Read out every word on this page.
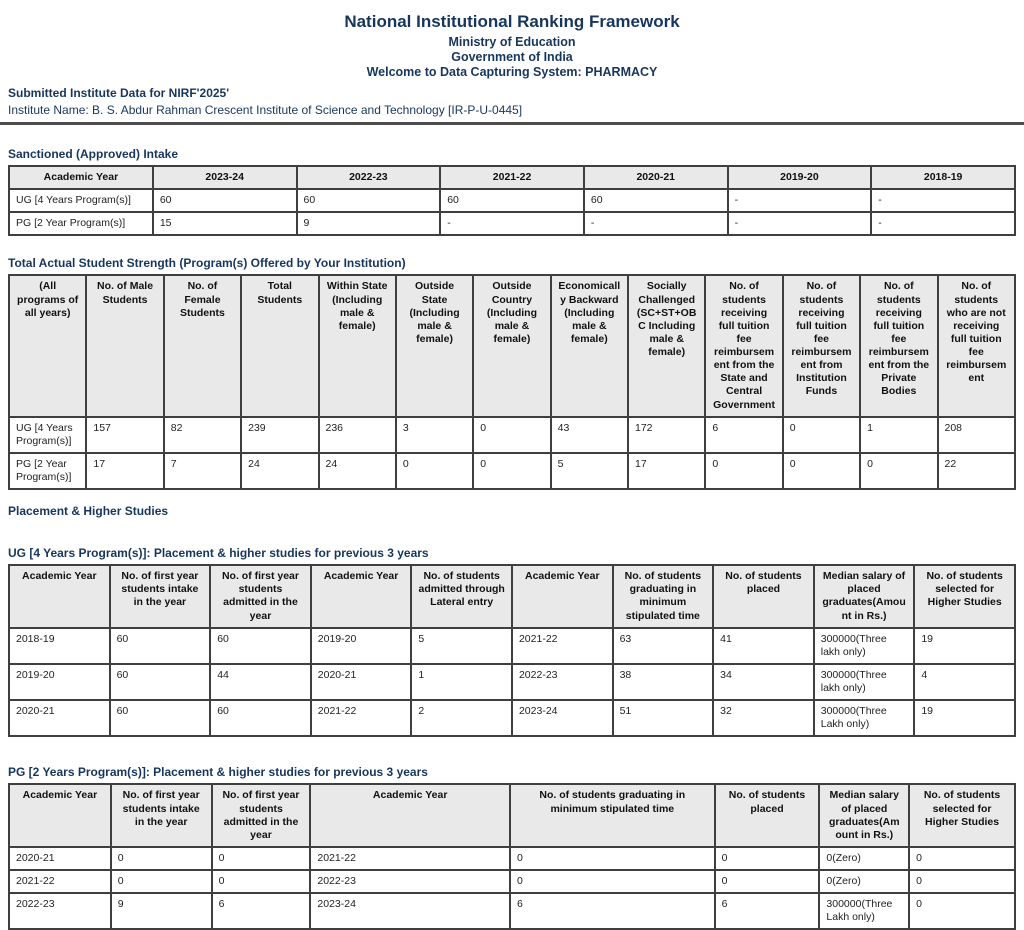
National Institutional Ranking Framework
Ministry of Education
Government of India
Welcome to Data Capturing System: PHARMACY
Submitted Institute Data for NIRF'2025'
Institute Name: B. S. Abdur Rahman Crescent Institute of Science and Technology [IR-P-U-0445]
Sanctioned (Approved) Intake
Academic Year	2023-24	2022-23	2021-22	2020-21	2019-20	2018-19
UG [4 Years Program(s)]	60	60	60	60	-	-
PG [2 Year Program(s)]	15	9	-	-	-	-
Total Actual Student Strength (Program(s) Offered by Your Institution)
(All programs of all years)	No. of Male Students	No. of Female Students	Total Students	Within State (Including male & female)	Outside State (Including male & female)	Outside Country (Including male & female)	Economically Backward (Including male & female)	Socially Challenged (SC+ST+OBC Including male & female)	No. of students receiving full tuition fee reimbursement from the State and Central Government	No. of students receiving full tuition fee reimbursement from Institution Funds	No. of students receiving full tuition fee reimbursement from the Private Bodies	No. of students who are not receiving full tuition fee reimbursement
UG [4 Years Program(s)]	157	82	239	236	3	0	43	172	6	0	1	208
PG [2 Year Program(s)]	17	7	24	24	0	0	5	17	0	0	0	22
Placement & Higher Studies
UG [4 Years Program(s)]: Placement & higher studies for previous 3 years
Academic Year	No. of first year students intake in the year	No. of first year students admitted in the year	Academic Year	No. of students admitted through Lateral entry	Academic Year	No. of students graduating in minimum stipulated time	No. of students placed	Median salary of placed graduates(Amount in Rs.)	No. of students selected for Higher Studies
2018-19	60	60	2019-20	5	2021-22	63	41	300000(Three lakh only)	19
2019-20	60	44	2020-21	1	2022-23	38	34	300000(Three lakh only)	4
2020-21	60	60	2021-22	2	2023-24	51	32	300000(Three Lakh only)	19
PG [2 Years Program(s)]: Placement & higher studies for previous 3 years
Academic Year	No. of first year students intake in the year	No. of first year students admitted in the year	Academic Year	No. of students graduating in minimum stipulated time	No. of students placed	Median salary of placed graduates(Amount in Rs.)	No. of students selected for Higher Studies
2020-21	0	0	2021-22	0	0	0(Zero)	0
2021-22	0	0	2022-23	0	0	0(Zero)	0
2022-23	9	6	2023-24	6	6	300000(Three Lakh only)	0
